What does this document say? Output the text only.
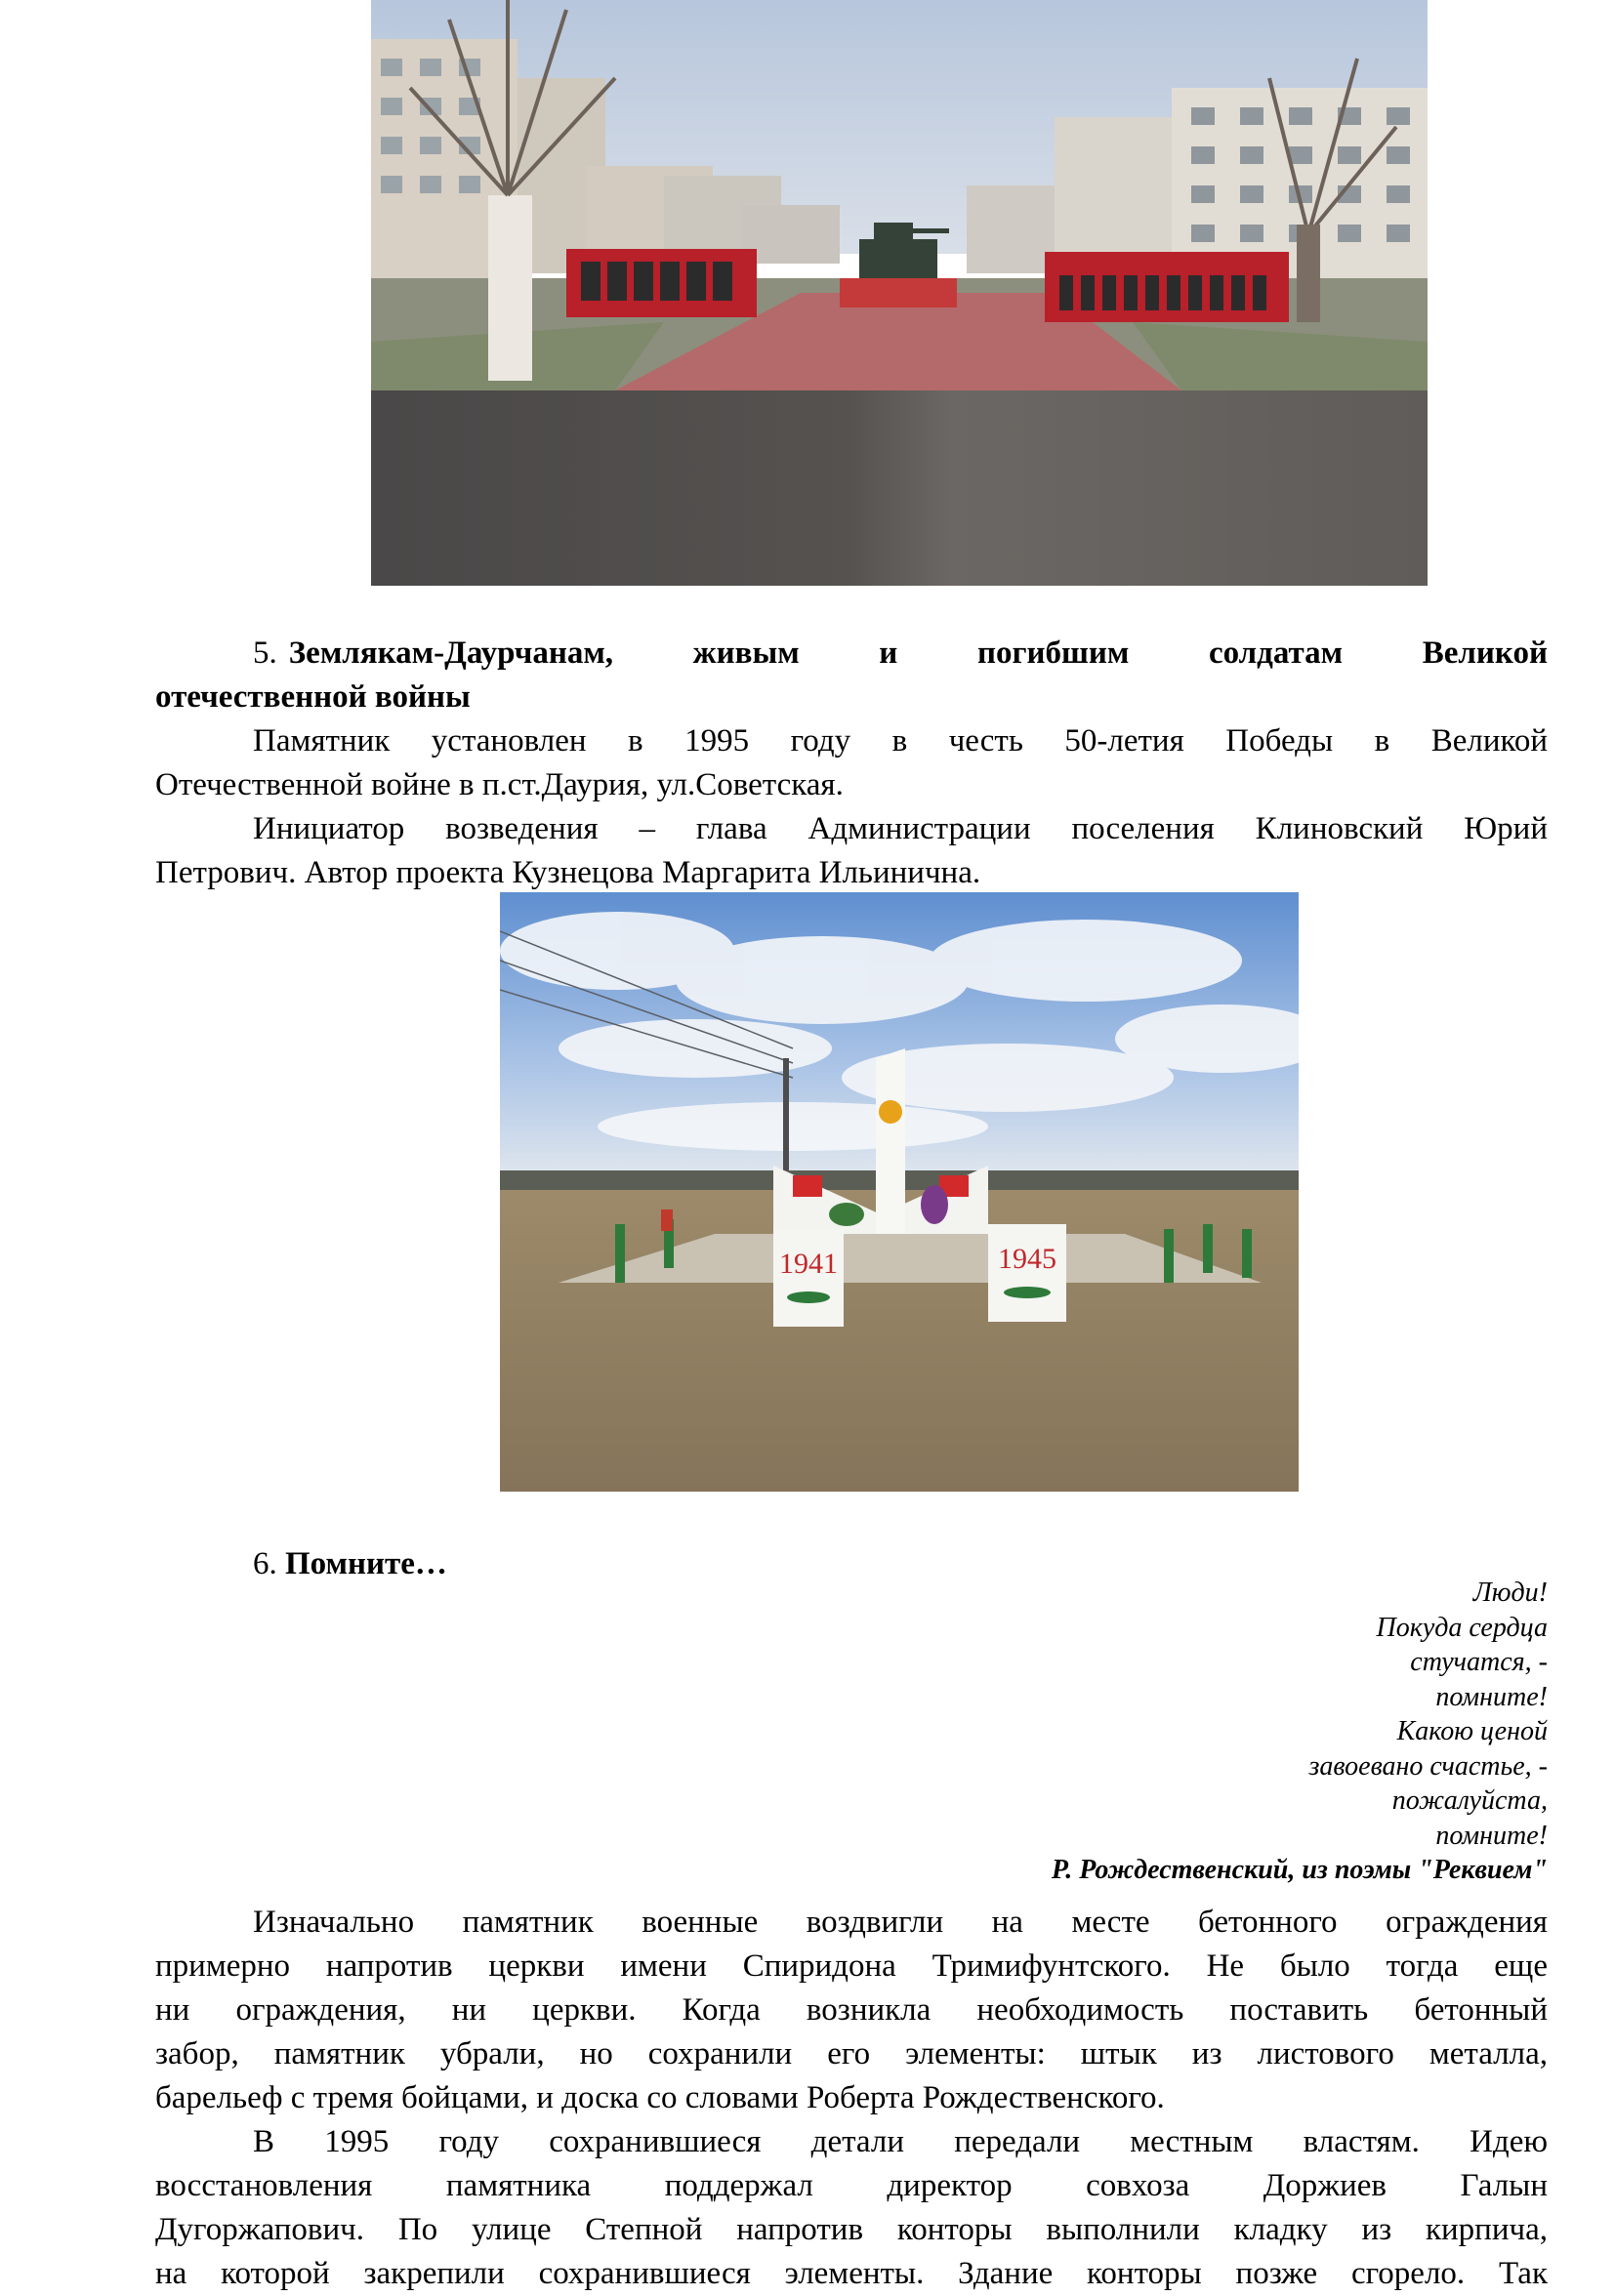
5. Землякам-Даурчанам, живым и погибшим солдатам Великой
отечественной войны
Памятник установлен в 1995 году в честь 50-летия Победы в Великой
Отечественной войне в п.ст.Даурия, ул.Советская.
Инициатор возведения – глава Администрации поселения Клиновский Юрий
Петрович. Автор проекта Кузнецова Маргарита Ильинична.
1941	1945
6. Помните…
Люди!
Покуда сердца
стучатся, -
помните!
Какою ценой
завоевано счастье, -
пожалуйста,
помните!
Р. Рождественский, из поэмы "Реквием"
Изначально памятник военные воздвигли на месте бетонного ограждения
примерно напротив церкви имени Спиридона Тримифунтского. Не было тогда еще
ни ограждения, ни церкви. Когда возникла необходимость поставить бетонный
забор, памятник убрали, но сохранили его элементы: штык из листового металла,
барельеф с тремя бойцами, и доска со словами Роберта Рождественского.
В 1995 году сохранившиеся детали передали местным властям. Идею
восстановления памятника поддержал директор совхоза Доржиев Галын
Дугоржапович. По улице Степной напротив конторы выполнили кладку из кирпича,
на которой закрепили сохранившиеся элементы. Здание конторы позже сгорело. Так
